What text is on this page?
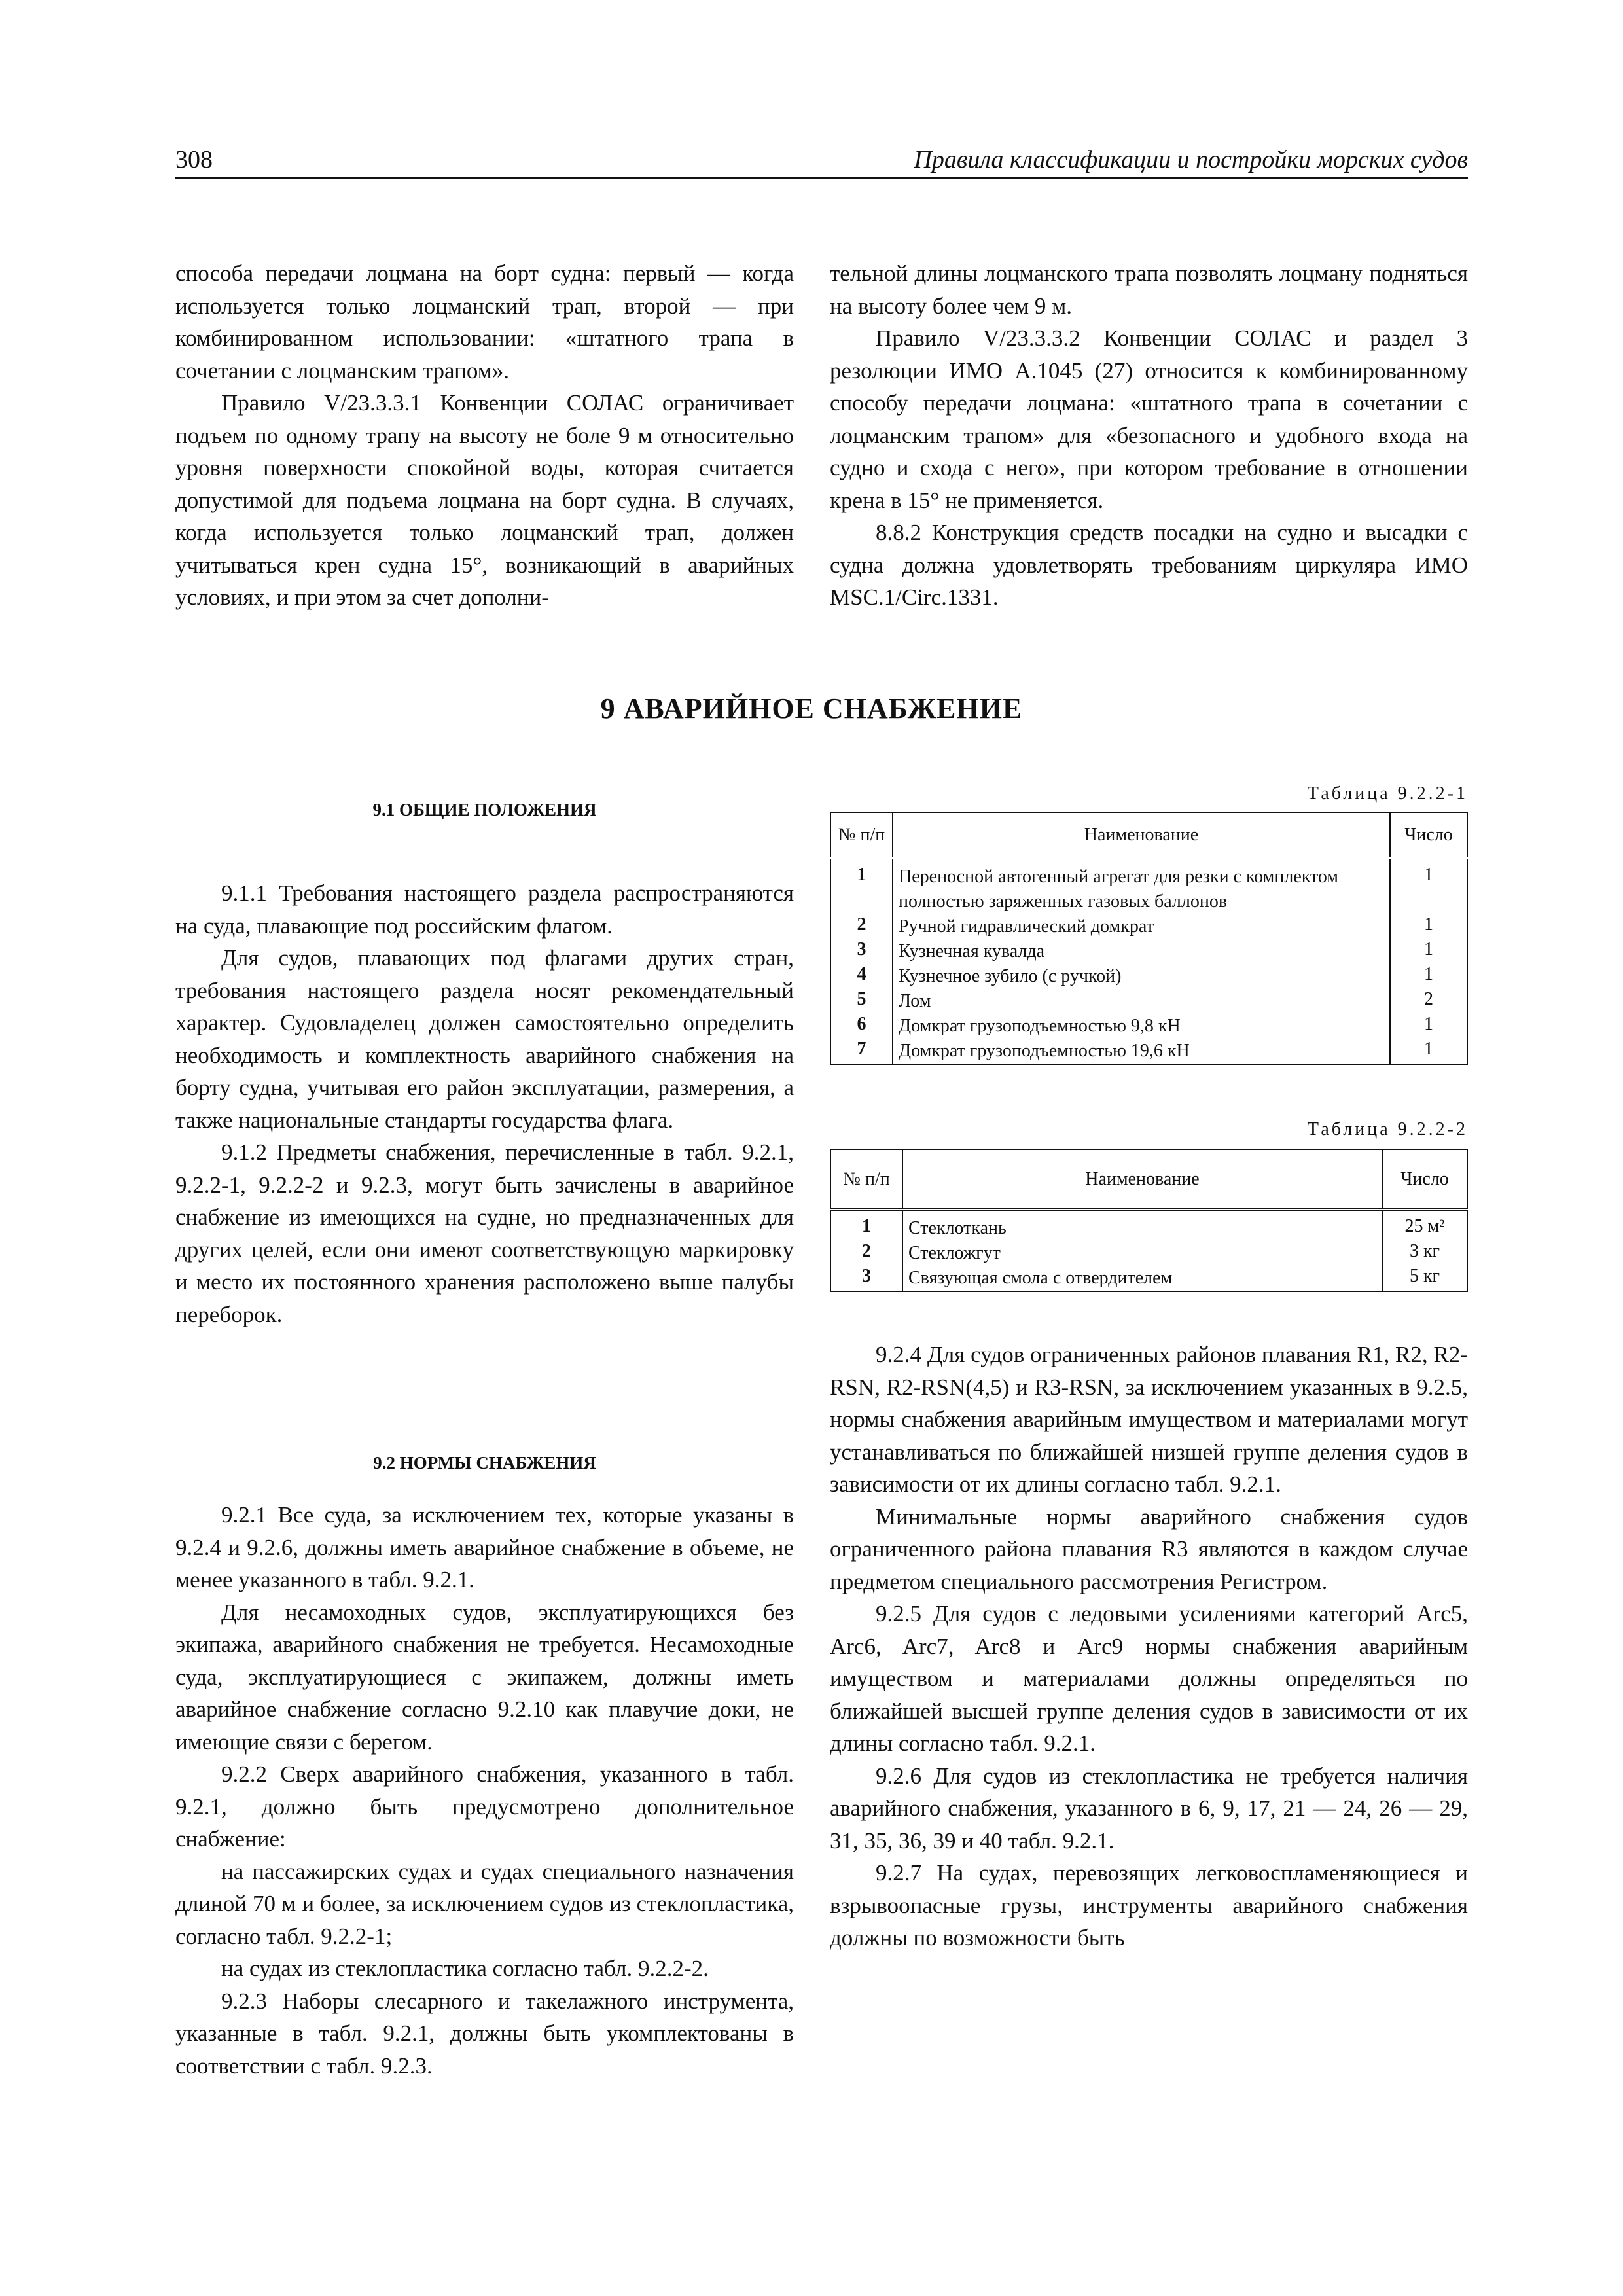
308	Правила классификации и постройки морских судов

способа передачи лоцмана на борт судна: первый — когда используется только лоцманский трап, второй — при комбинированном использовании: «штатного трапа в сочетании с лоцманским трапом».

Правило V/23.3.3.1 Конвенции СОЛАС ограничивает подъем по одному трапу на высоту не боле 9 м относительно уровня поверхности спокойной воды, которая считается допустимой для подъема лоцмана на борт судна. В случаях, когда используется только лоцманский трап, должен учитываться крен судна 15°, возникающий в аварийных условиях, и при этом за счет дополни-

тельной длины лоцманского трапа позволять лоцману подняться на высоту более чем 9 м.

Правило V/23.3.3.2 Конвенции СОЛАС и раздел 3 резолюции ИМО A.1045 (27) относится к комбинированному способу передачи лоцмана: «штатного трапа в сочетании с лоцманским трапом» для «безопасного и удобного входа на судно и схода с него», при котором требование в отношении крена в 15° не применяется.

8.8.2 Конструкция средств посадки на судно и высадки с судна должна удовлетворять требованиям циркуляра ИМО MSC.1/Circ.1331.

9 АВАРИЙНОЕ СНАБЖЕНИЕ
9.1 ОБЩИЕ ПОЛОЖЕНИЯ

9.1.1 Требования настоящего раздела распространяются на суда, плавающие под российским флагом.

Для судов, плавающих под флагами других стран, требования настоящего раздела носят рекомендательный характер. Судовладелец должен самостоятельно определить необходимость и комплектность аварийного снабжения на борту судна, учитывая его район эксплуатации, размерения, а также национальные стандарты государства флага.

9.1.2 Предметы снабжения, перечисленные в табл. 9.2.1, 9.2.2-1, 9.2.2-2 и 9.2.3, могут быть зачислены в аварийное снабжение из имеющихся на судне, но предназначенных для других целей, если они имеют соответствующую маркировку и место их постоянного хранения расположено выше палубы переборок.

9.2 НОРМЫ СНАБЖЕНИЯ

9.2.1 Все суда, за исключением тех, которые указаны в 9.2.4 и 9.2.6, должны иметь аварийное снабжение в объеме, не менее указанного в табл. 9.2.1.

Для несамоходных судов, эксплуатирующихся без экипажа, аварийного снабжения не требуется. Несамоходные суда, эксплуатирующиеся с экипажем, должны иметь аварийное снабжение согласно 9.2.10 как плавучие доки, не имеющие связи с берегом.

9.2.2 Сверх аварийного снабжения, указанного в табл. 9.2.1, должно быть предусмотрено дополнительное снабжение:

на пассажирских судах и судах специального назначения длиной 70 м и более, за исключением судов из стеклопластика, согласно табл. 9.2.2-1;

на судах из стеклопластика согласно табл. 9.2.2-2.

9.2.3 Наборы слесарного и такелажного инструмента, указанные в табл. 9.2.1, должны быть укомплектованы в соответствии с табл. 9.2.3.

Таблица 9.2.2-1
№ п/п	Наименование	Число
1	Переносной автогенный агрегат для резки с комплектом полностью заряженных газовых баллонов	1
2	Ручной гидравлический домкрат	1
3	Кузнечная кувалда	1
4	Кузнечное зубило (с ручкой)	1
5	Лом	2
6	Домкрат грузоподъемностью 9,8 кН	1
7	Домкрат грузоподъемностью 19,6 кН	1
Таблица 9.2.2-2
№ п/п	Наименование	Число
1	Стеклоткань	25 м²
2	Стекложгут	3 кг
3	Связующая смола с отвердителем	5 кг

9.2.4 Для судов ограниченных районов плавания R1, R2, R2-RSN, R2-RSN(4,5) и R3-RSN, за исключением указанных в 9.2.5, нормы снабжения аварийным имуществом и материалами могут устанавливаться по ближайшей низшей группе деления судов в зависимости от их длины согласно табл. 9.2.1.

Минимальные нормы аварийного снабжения судов ограниченного района плавания R3 являются в каждом случае предметом специального рассмотрения Регистром.

9.2.5 Для судов с ледовыми усилениями категорий Arc5, Arc6, Arc7, Arc8 и Arc9 нормы снабжения аварийным имуществом и материалами должны определяться по ближайшей высшей группе деления судов в зависимости от их длины согласно табл. 9.2.1.

9.2.6 Для судов из стеклопластика не требуется наличия аварийного снабжения, указанного в 6, 9, 17, 21 — 24, 26 — 29, 31, 35, 36, 39 и 40 табл. 9.2.1.

9.2.7 На судах, перевозящих легковоспламеняющиеся и взрывоопасные грузы, инструменты аварийного снабжения должны по возможности быть
